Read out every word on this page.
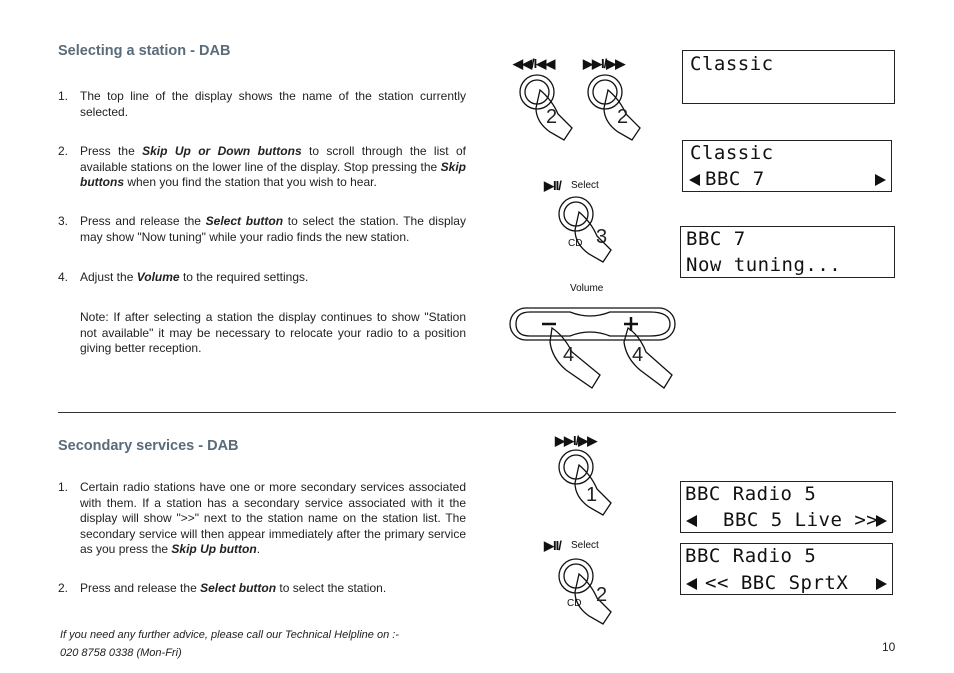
Selecting a station - DAB
1. The top line of the display shows the name of the station currently selected.
2. Press the Skip Up or Down buttons to scroll through the list of available stations on the lower line of the display. Stop pressing the Skip buttons when you find the station that you wish to hear.
3. Press and release the Select button to select the station. The display may show "Now tuning" while your radio finds the new station.
4. Adjust the Volume to the required settings.
Note: If after selecting a station the display continues to show "Station not available" it may be necessary to relocate your radio to a position giving better reception.
Secondary services - DAB
1. Certain radio stations have one or more secondary services associated with them. If a station has a secondary service associated with it the display will show ">>" next to the station name on the station list. The secondary service will then appear immediately after the primary service as you press the Skip Up button.
2. Press and release the Select button to select the station.
If you need any further advice, please call our Technical Helpline on :-
020 8758 0338 (Mon-Fri)	10
◀◀/I◀◀ ▶▶I/▶▶
▶II/ Select
CD
Volume
▶▶I/▶▶
▶II/ Select
CD
2	2
3
4	4
1
2
Classic
Classic
BBC 7
BBC 7
Now tuning...
BBC Radio 5
BBC 5 Live >>
BBC Radio 5
<< BBC SprtX
